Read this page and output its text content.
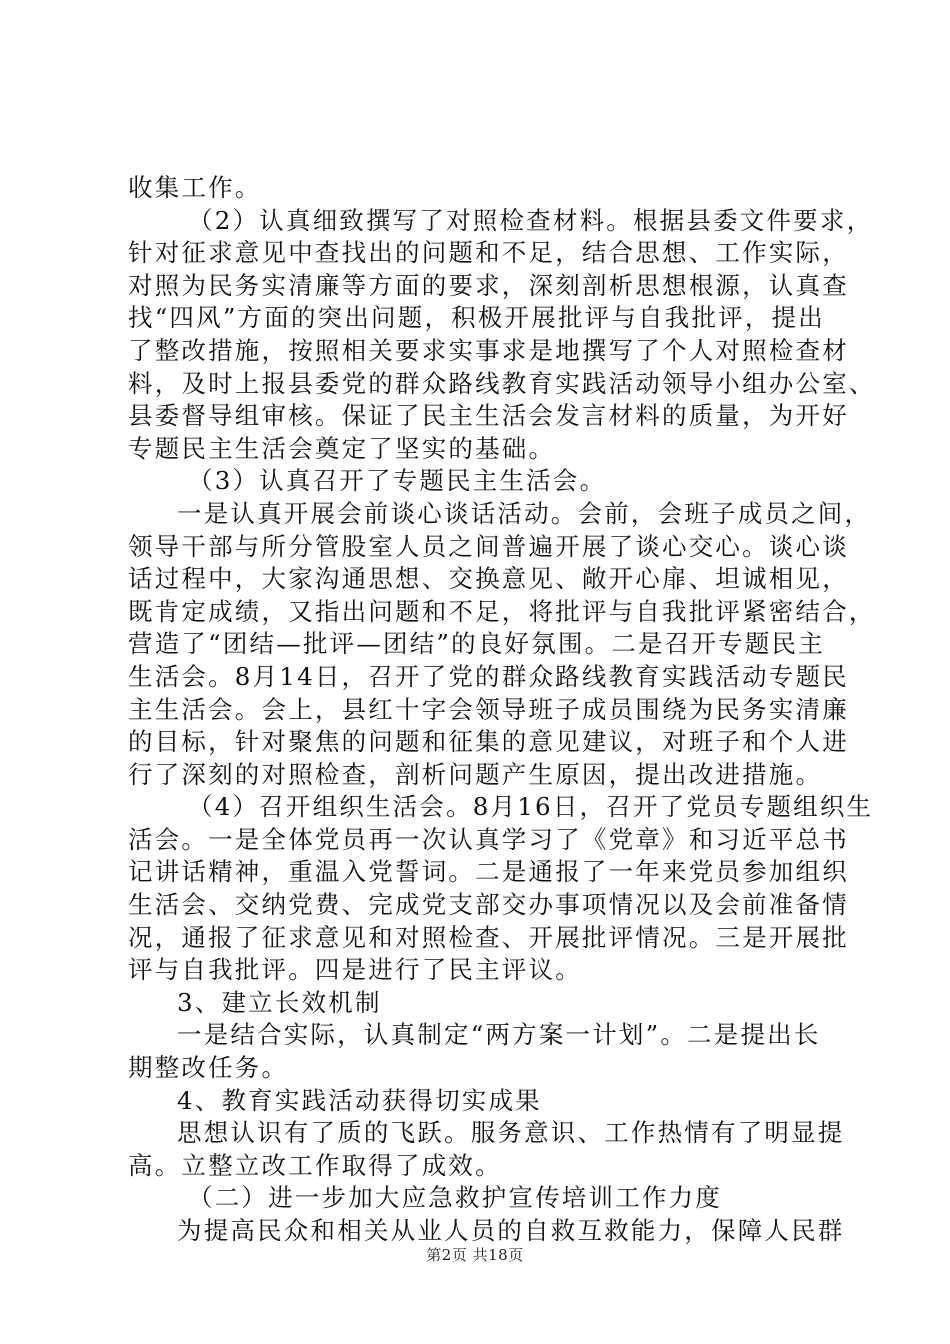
收集工作。
（2）认真细致撰写了对照检查材料。根据县委文件要求，
针对征求意见中查找出的问题和不足，结合思想、工作实际，
对照为民务实清廉等方面的要求，深刻剖析思想根源，认真查
找“四风”方面的突出问题，积极开展批评与自我批评，提出
了整改措施，按照相关要求实事求是地撰写了个人对照检查材
料，及时上报县委党的群众路线教育实践活动领导小组办公室、
县委督导组审核。保证了民主生活会发言材料的质量，为开好
专题民主生活会奠定了坚实的基础。
（3）认真召开了专题民主生活会。
一是认真开展会前谈心谈话活动。会前，会班子成员之间，
领导干部与所分管股室人员之间普遍开展了谈心交心。谈心谈
话过程中，大家沟通思想、交换意见、敞开心扉、坦诚相见，
既肯定成绩，又指出问题和不足，将批评与自我批评紧密结合，
营造了“团结—批评—团结”的良好氛围。二是召开专题民主
生活会。8月14日，召开了党的群众路线教育实践活动专题民
主生活会。会上，县红十字会领导班子成员围绕为民务实清廉
的目标，针对聚焦的问题和征集的意见建议，对班子和个人进
行了深刻的对照检查，剖析问题产生原因，提出改进措施。
（4）召开组织生活会。8月16日，召开了党员专题组织生
活会。一是全体党员再一次认真学习了《党章》和习近平总书
记讲话精神，重温入党誓词。二是通报了一年来党员参加组织
生活会、交纳党费、完成党支部交办事项情况以及会前准备情
况，通报了征求意见和对照检查、开展批评情况。三是开展批
评与自我批评。四是进行了民主评议。
3、建立长效机制
一是结合实际，认真制定“两方案一计划”。二是提出长
期整改任务。
4、教育实践活动获得切实成果
思想认识有了质的飞跃。服务意识、工作热情有了明显提
高。立整立改工作取得了成效。
（二）进一步加大应急救护宣传培训工作力度
为提高民众和相关从业人员的自救互救能力，保障人民群
第2页 共18页
